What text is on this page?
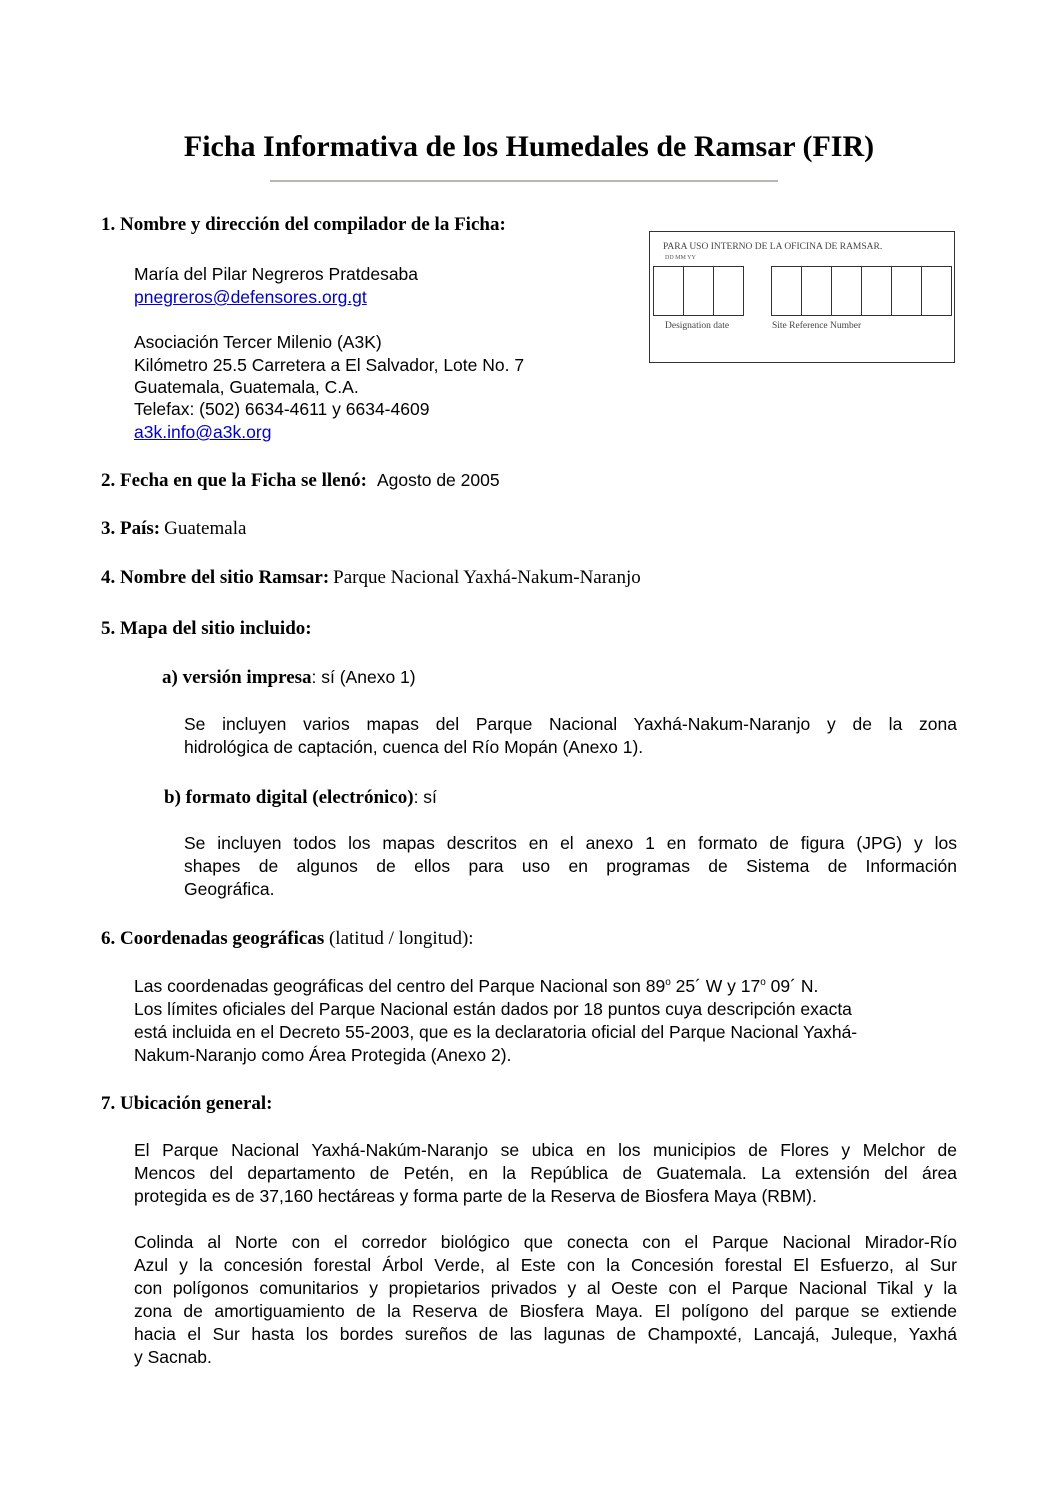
Ficha Informativa de los Humedales de Ramsar (FIR)
PARA USO INTERNO DE LA OFICINA DE RAMSAR.
DD MM YY
Designation date	Site Reference Number
1. Nombre y dirección del compilador de la Ficha:
María del Pilar Negreros Pratdesaba
pnegreros@defensores.org.gt
Asociación Tercer Milenio (A3K)
Kilómetro 25.5 Carretera a El Salvador, Lote No. 7
Guatemala, Guatemala, C.A.
Telefax: (502) 6634-4611 y 6634-4609
a3k.info@a3k.org
2. Fecha en que la Ficha se llenó: Agosto de 2005
3. País: Guatemala
4. Nombre del sitio Ramsar: Parque Nacional Yaxhá-Nakum-Naranjo
5. Mapa del sitio incluido:
a) versión impresa: sí (Anexo 1)
Se incluyen varios mapas del Parque Nacional Yaxhá-Nakum-Naranjo y de la zona
hidrológica de captación, cuenca del Río Mopán (Anexo 1).
b) formato digital (electrónico): sí
Se incluyen todos los mapas descritos en el anexo 1 en formato de figura (JPG) y los
shapes de algunos de ellos para uso en programas de Sistema de Información
Geográfica.
6. Coordenadas geográficas (latitud / longitud):
Las coordenadas geográficas del centro del Parque Nacional son 89$^o$ 25´ W y 17$^o$ 09´ N.
Los límites oficiales del Parque Nacional están dados por 18 puntos cuya descripción exacta
está incluida en el Decreto 55-2003, que es la declaratoria oficial del Parque Nacional Yaxhá-
Nakum-Naranjo como Área Protegida (Anexo 2).
7. Ubicación general:
El Parque Nacional Yaxhá-Nakúm-Naranjo se ubica en los municipios de Flores y Melchor de
Mencos del departamento de Petén, en la República de Guatemala. La extensión del área
protegida es de 37,160 hectáreas y forma parte de la Reserva de Biosfera Maya (RBM).
Colinda al Norte con el corredor biológico que conecta con el Parque Nacional Mirador-Río
Azul y la concesión forestal Árbol Verde, al Este con la Concesión forestal El Esfuerzo, al Sur
con polígonos comunitarios y propietarios privados y al Oeste con el Parque Nacional Tikal y la
zona de amortiguamiento de la Reserva de Biosfera Maya. El polígono del parque se extiende
hacia el Sur hasta los bordes sureños de las lagunas de Champoxté, Lancajá, Juleque, Yaxhá
y Sacnab.
